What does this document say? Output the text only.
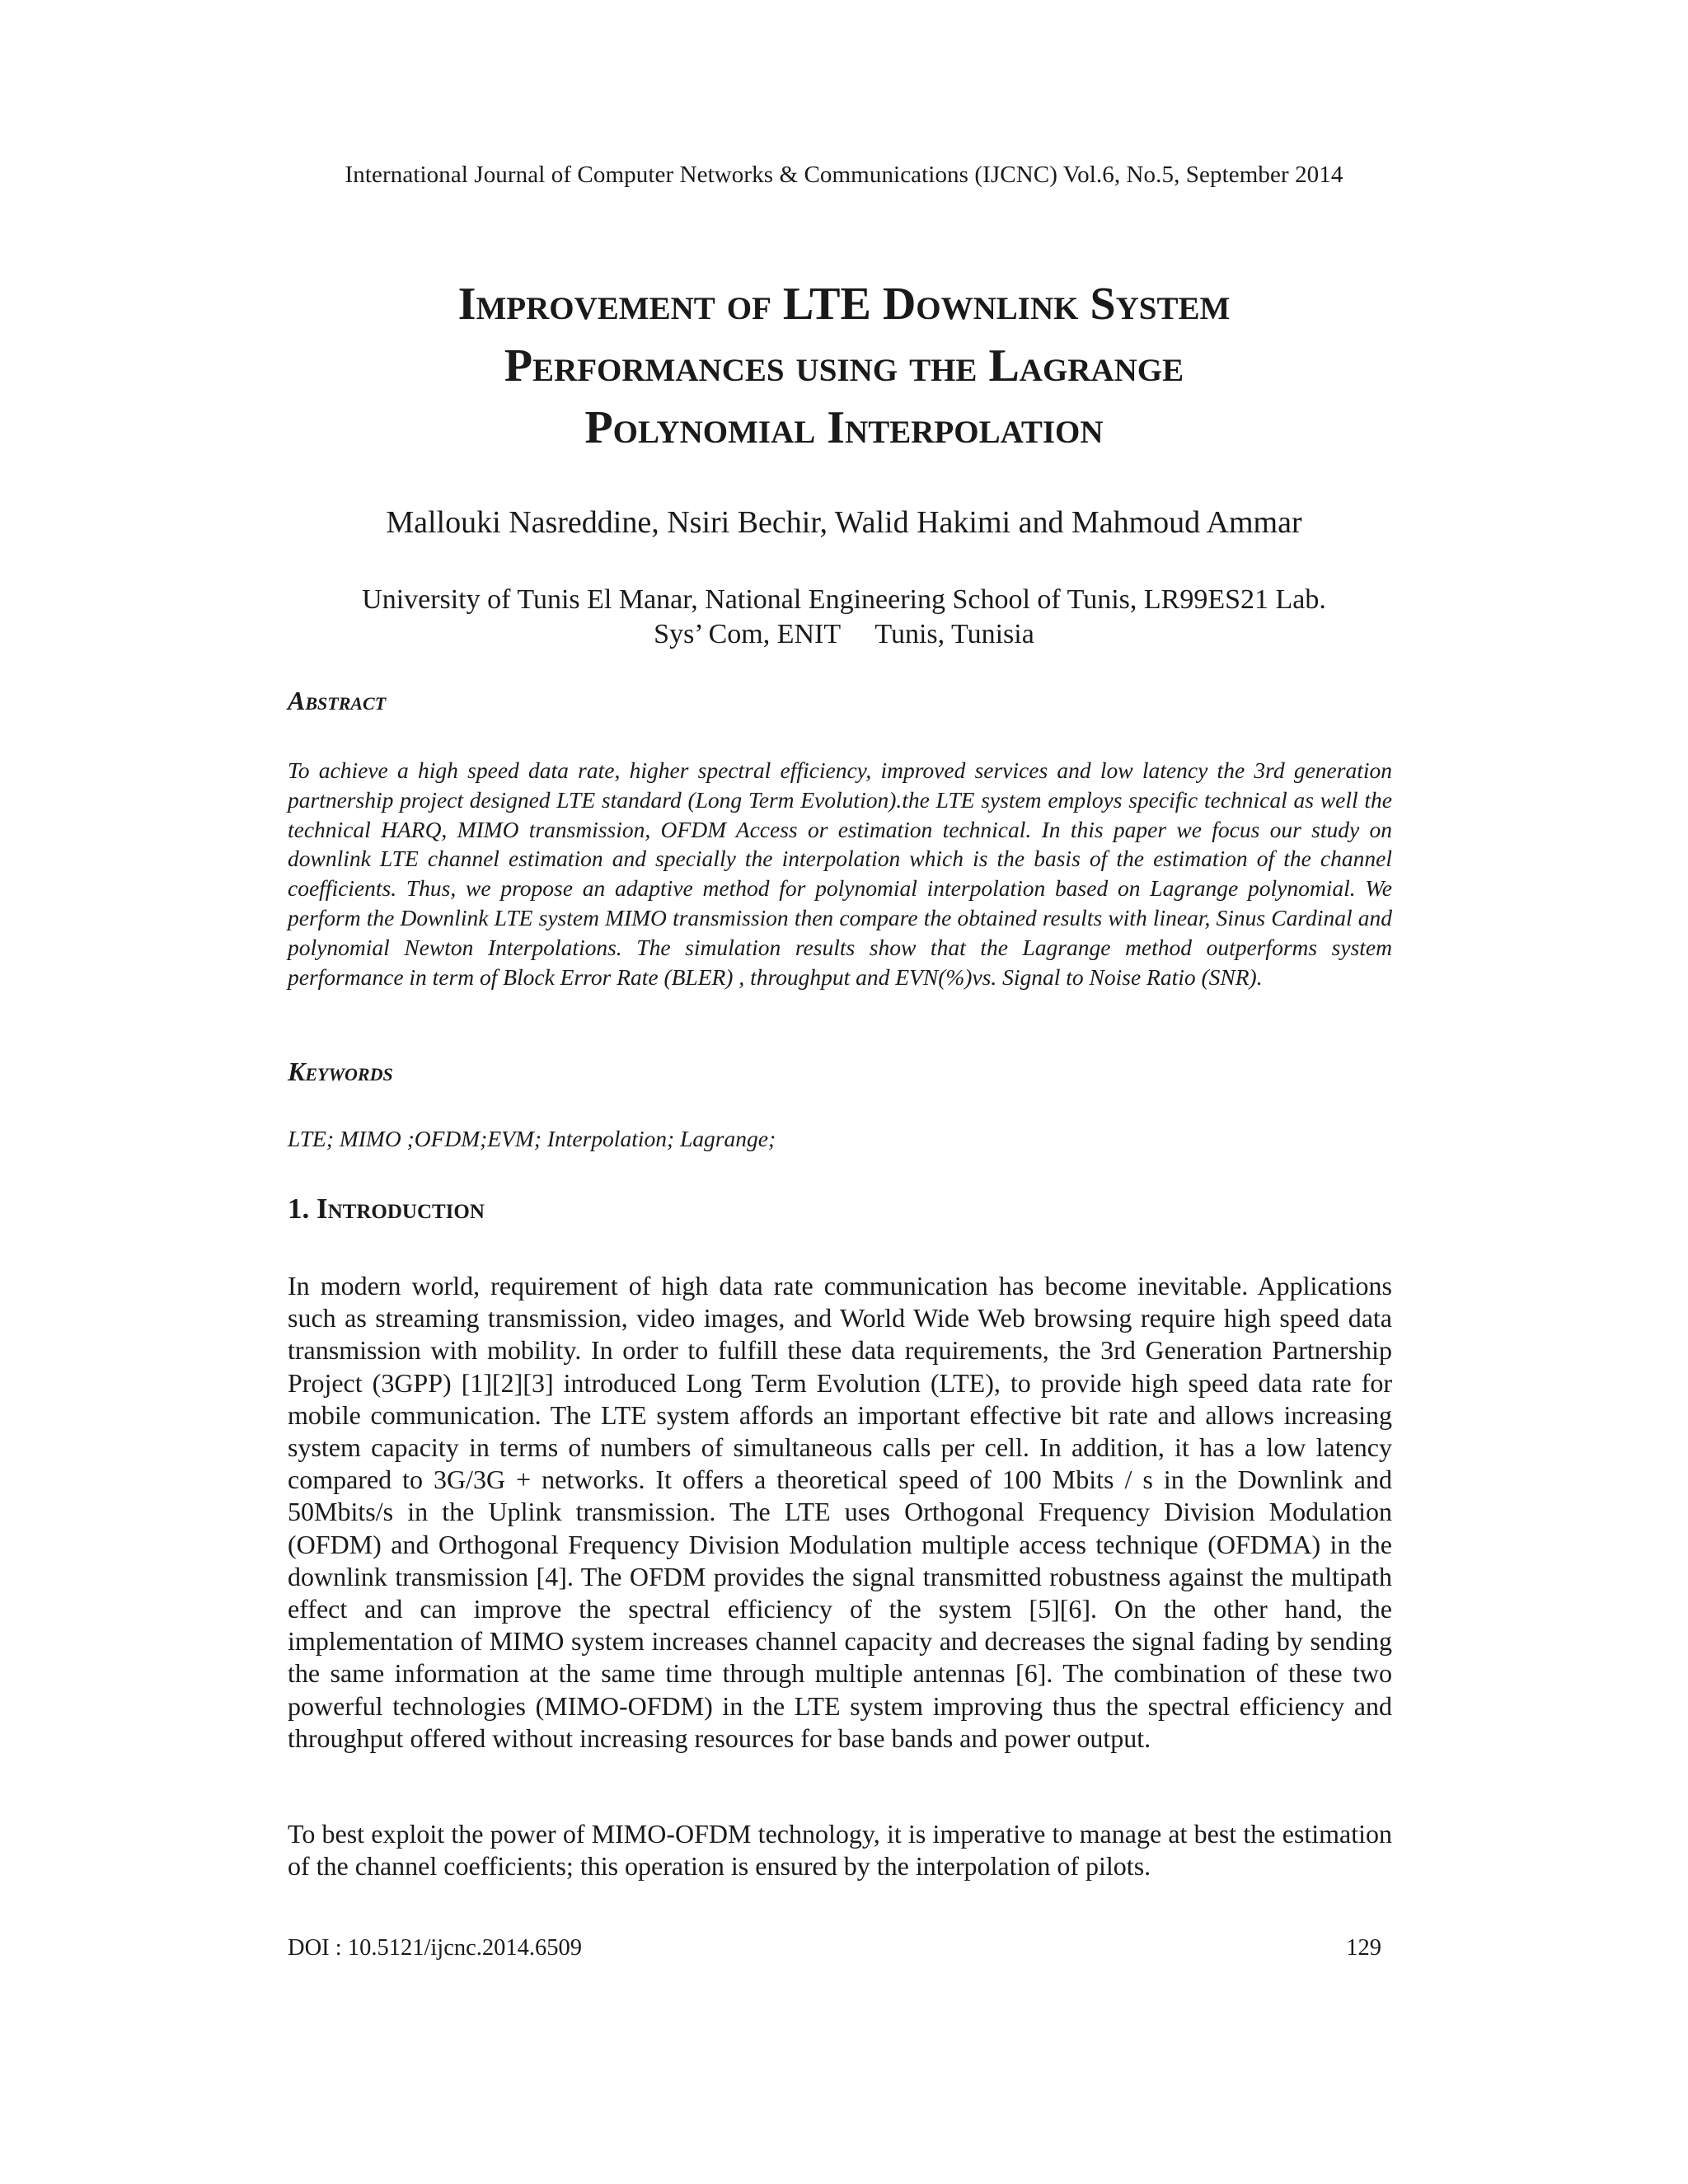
International Journal of Computer Networks & Communications (IJCNC) Vol.6, No.5, September 2014
Improvement of LTE Downlink System
Performances using the Lagrange
Polynomial Interpolation
Mallouki Nasreddine, Nsiri Bechir, Walid Hakimi and Mahmoud Ammar
University of Tunis El Manar, National Engineering School of Tunis, LR99ES21 Lab.
Sys’ Com, ENIT     Tunis, Tunisia
Abstract
To achieve a high speed data rate, higher spectral efficiency, improved services and low latency the 3rd generation partnership project designed LTE standard (Long Term Evolution).the LTE system employs specific technical as well the technical HARQ, MIMO transmission, OFDM Access or estimation technical. In this paper we focus our study on downlink LTE channel estimation and specially the interpolation which is the basis of the estimation of the channel coefficients. Thus, we propose an adaptive method for polynomial interpolation based on Lagrange polynomial. We perform the Downlink LTE system MIMO transmission then compare the obtained results with linear, Sinus Cardinal and polynomial Newton Interpolations. The simulation results show that the Lagrange method outperforms system performance in term of Block Error Rate (BLER) , throughput and EVN(%)vs. Signal to Noise Ratio (SNR).
Keywords
LTE; MIMO ;OFDM;EVM; Interpolation; Lagrange;
1. Introduction
In modern world, requirement of high data rate communication has become inevitable. Applications such as streaming transmission, video images, and World Wide Web browsing require high speed data transmission with mobility. In order to fulfill these data requirements, the 3rd Generation Partnership Project (3GPP) [1][2][3] introduced Long Term Evolution (LTE), to provide high speed data rate for mobile communication. The LTE system affords an important effective bit rate and allows increasing system capacity in terms of numbers of simultaneous calls per cell. In addition, it has a low latency compared to 3G/3G + networks. It offers a theoretical speed of 100 Mbits / s in the Downlink and 50Mbits/s in the Uplink transmission. The LTE uses Orthogonal Frequency Division Modulation (OFDM) and Orthogonal Frequency Division Modulation multiple access technique (OFDMA) in the downlink transmission [4]. The OFDM provides the signal transmitted robustness against the multipath effect and can improve the spectral efficiency of the system [5][6]. On the other hand, the implementation of MIMO system increases channel capacity and decreases the signal fading by sending the same information at the same time through multiple antennas [6]. The combination of these two powerful technologies (MIMO-OFDM) in the LTE system improving thus the spectral efficiency and throughput offered without increasing resources for base bands and power output.
To best exploit the power of MIMO-OFDM technology, it is imperative to manage at best the estimation of the channel coefficients; this operation is ensured by the interpolation of pilots.
DOI : 10.5121/ijcnc.2014.6509	129
